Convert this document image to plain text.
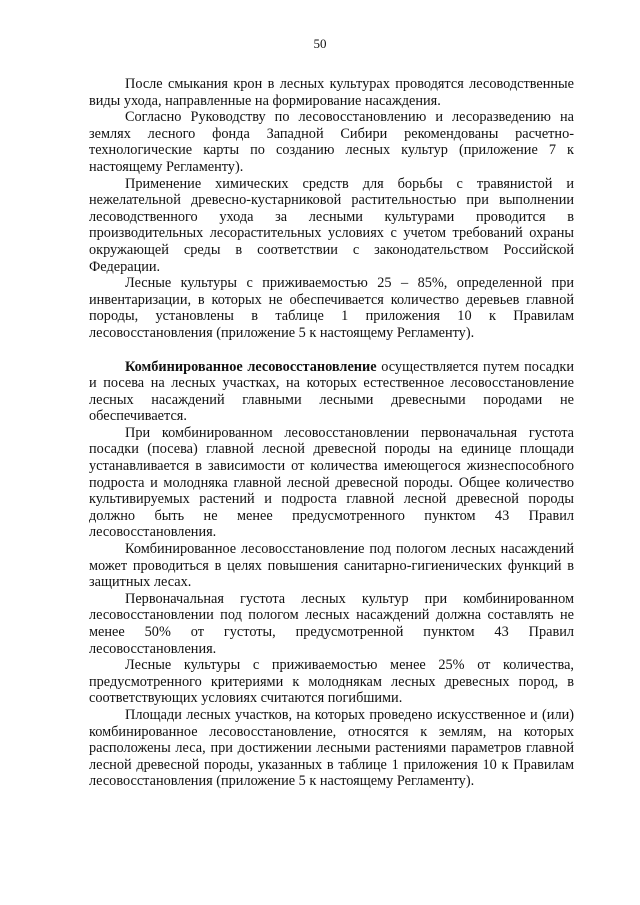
50

После смыкания крон в лесных культурах проводятся лесоводственные виды ухода, направленные на формирование насаждения.

Согласно Руководству по лесовосстановлению и лесоразведению на землях лесного фонда Западной Сибири рекомендованы расчетно-технологические карты по созданию лесных культур (приложение 7 к настоящему Регламенту).

Применение химических средств для борьбы с травянистой и нежелательной древесно-кустарниковой растительностью при выполнении лесоводственного ухода за лесными культурами проводится в производительных лесорастительных условиях с учетом требований охраны окружающей среды в соответствии с законодательством Российской Федерации.

Лесные культуры с приживаемостью 25 – 85%, определенной при инвентаризации, в которых не обеспечивается количество деревьев главной породы, установлены в таблице 1 приложения 10 к Правилам лесовосстановления (приложение 5 к настоящему Регламенту).

Комбинированное лесовосстановление осуществляется путем посадки и посева на лесных участках, на которых естественное лесовосстановление лесных насаждений главными лесными древесными породами не обеспечивается.

При комбинированном лесовосстановлении первоначальная густота посадки (посева) главной лесной древесной породы на единице площади устанавливается в зависимости от количества имеющегося жизнеспособного подроста и молодняка главной лесной древесной породы. Общее количество культивируемых растений и подроста главной лесной древесной породы должно быть не менее предусмотренного пунктом 43 Правил лесовосстановления.

Комбинированное лесовосстановление под пологом лесных насаждений может проводиться в целях повышения санитарно-гигиенических функций в защитных лесах.

Первоначальная густота лесных культур при комбинированном лесовосстановлении под пологом лесных насаждений должна составлять не менее 50% от густоты, предусмотренной пунктом 43 Правил лесовосстановления.

Лесные культуры с приживаемостью менее 25% от количества, предусмотренного критериями к молоднякам лесных древесных пород, в соответствующих условиях считаются погибшими.

Площади лесных участков, на которых проведено искусственное и (или) комбинированное лесовосстановление, относятся к землям, на которых расположены леса, при достижении лесными растениями параметров главной лесной древесной породы, указанных в таблице 1 приложения 10 к Правилам лесовосстановления (приложение 5 к настоящему Регламенту).
